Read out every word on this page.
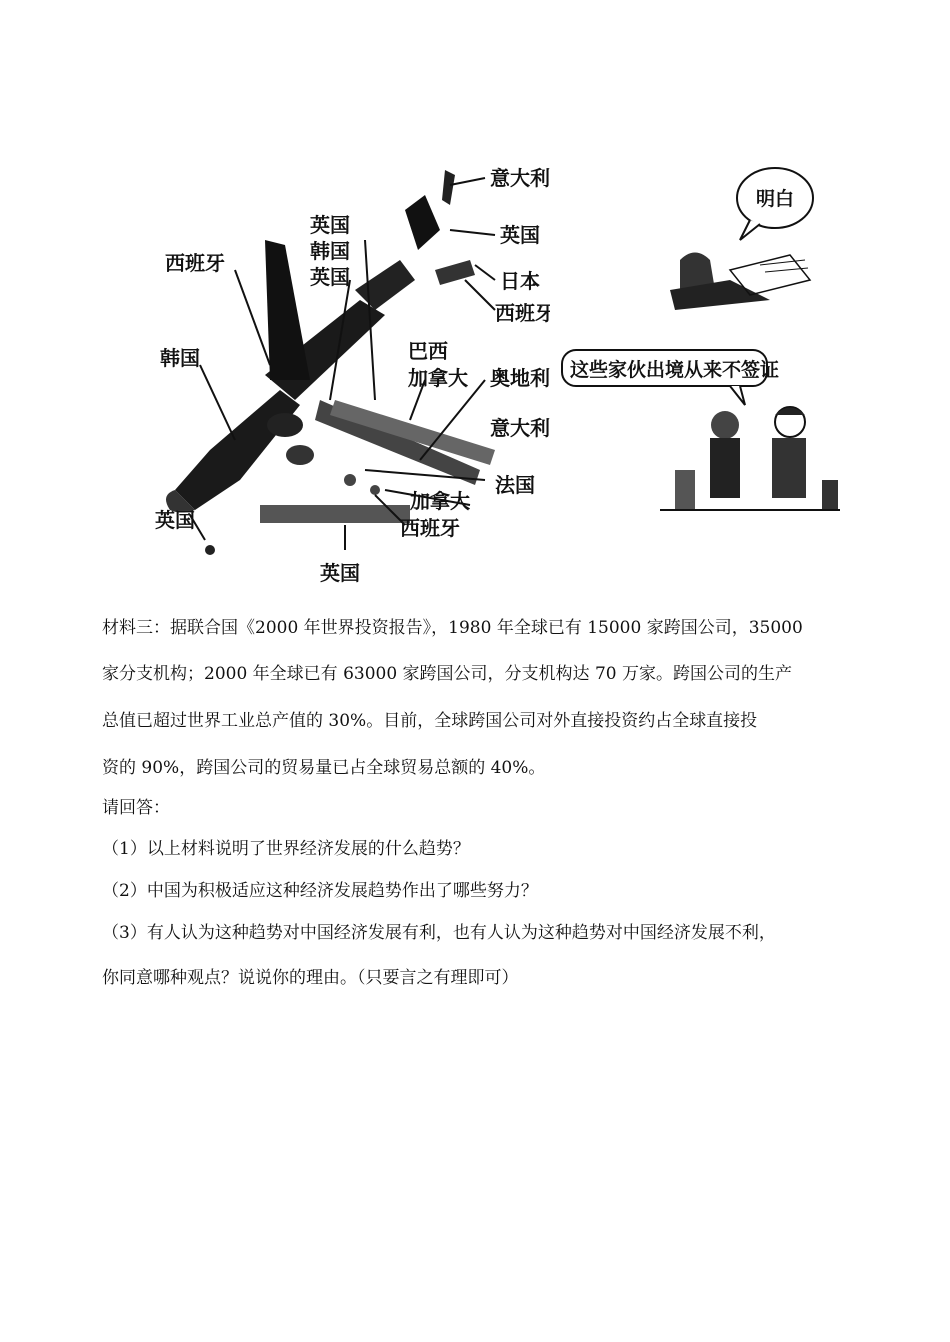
意大利
英国
日本
西班牙
英国
韩国
英国
西班牙
巴西
加拿大 奥地利
意大利
韩国
法国
英国
加拿大
西班牙
英国
明白
这些家伙出境从来不签证
材料三：据联合国《2000 年世界投资报告》，1980 年全球已有 15000 家跨国公司，35000
家分支机构；2000 年全球已有 63000 家跨国公司，分支机构达 70 万家。跨国公司的生产
总值已超过世界工业总产值的 30%。目前，全球跨国公司对外直接投资约占全球直接投
资的 90%，跨国公司的贸易量已占全球贸易总额的 40%。
请回答：
（1）以上材料说明了世界经济发展的什么趋势？
（2）中国为积极适应这种经济发展趋势作出了哪些努力？
（3）有人认为这种趋势对中国经济发展有利，也有人认为这种趋势对中国经济发展不利，
你同意哪种观点？说说你的理由。（只要言之有理即可）
